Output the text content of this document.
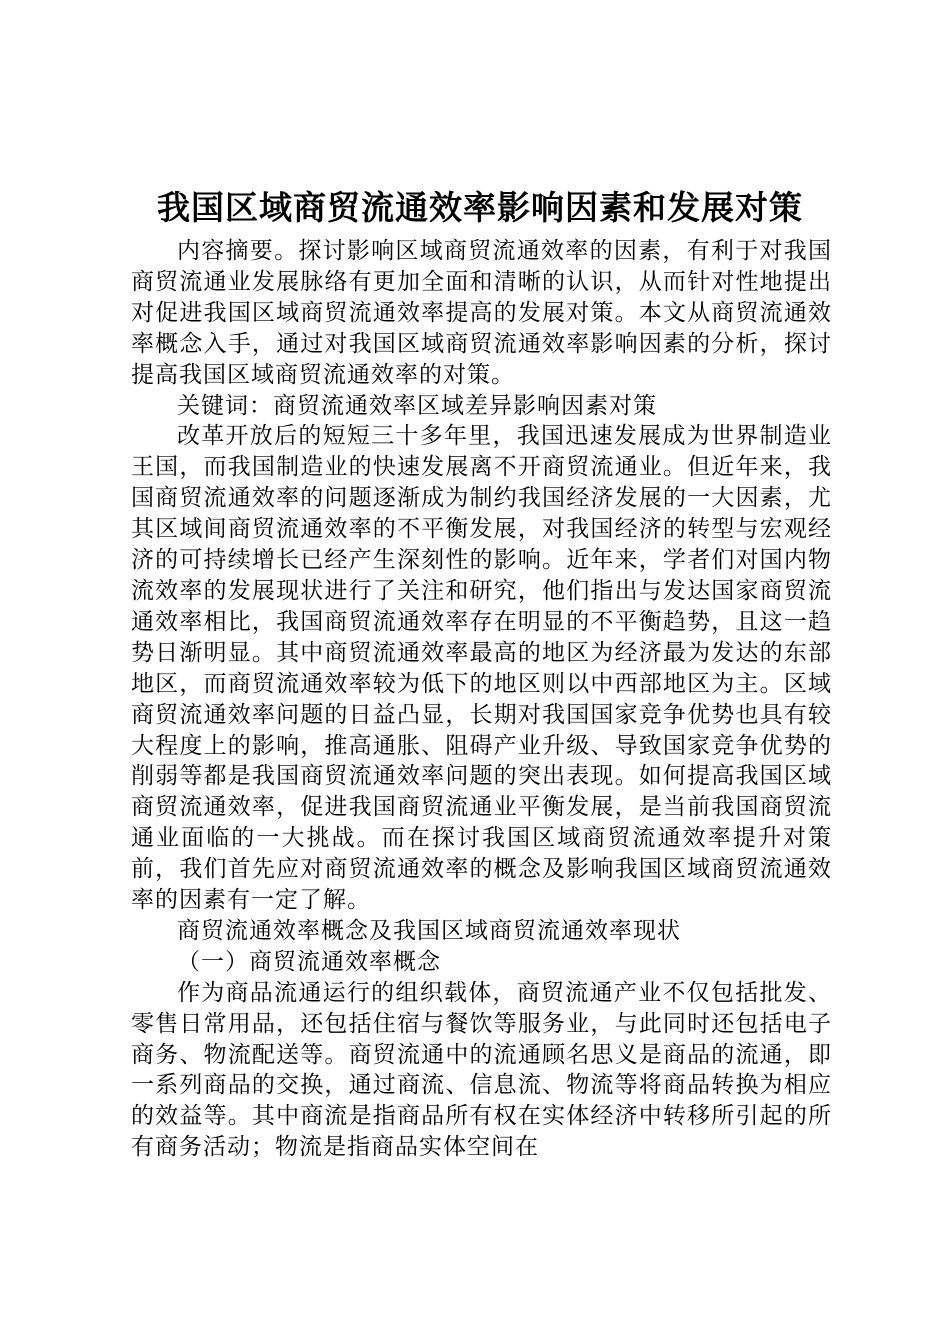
我国区域商贸流通效率影响因素和发展对策

内容摘要。探讨影响区域商贸流通效率的因素，有利于对我国商贸流通业发展脉络有更加全面和清晰的认识，从而针对性地提出对促进我国区域商贸流通效率提高的发展对策。本文从商贸流通效率概念入手，通过对我国区域商贸流通效率影响因素的分析，探讨提高我国区域商贸流通效率的对策。

关键词：商贸流通效率区域差异影响因素对策

改革开放后的短短三十多年里，我国迅速发展成为世界制造业王国，而我国制造业的快速发展离不开商贸流通业。但近年来，我国商贸流通效率的问题逐渐成为制约我国经济发展的一大因素，尤其区域间商贸流通效率的不平衡发展，对我国经济的转型与宏观经济的可持续增长已经产生深刻性的影响。近年来，学者们对国内物流效率的发展现状进行了关注和研究，他们指出与发达国家商贸流通效率相比，我国商贸流通效率存在明显的不平衡趋势，且这一趋势日渐明显。其中商贸流通效率最高的地区为经济最为发达的东部地区，而商贸流通效率较为低下的地区则以中西部地区为主。区域商贸流通效率问题的日益凸显，长期对我国国家竞争优势也具有较大程度上的影响，推高通胀、阻碍产业升级、导致国家竞争优势的削弱等都是我国商贸流通效率问题的突出表现。如何提高我国区域商贸流通效率，促进我国商贸流通业平衡发展，是当前我国商贸流通业面临的一大挑战。而在探讨我国区域商贸流通效率提升对策前，我们首先应对商贸流通效率的概念及影响我国区域商贸流通效率的因素有一定了解。

商贸流通效率概念及我国区域商贸流通效率现状

（一）商贸流通效率概念

作为商品流通运行的组织载体，商贸流通产业不仅包括批发、零售日常用品，还包括住宿与餐饮等服务业，与此同时还包括电子商务、物流配送等。商贸流通中的流通顾名思义是商品的流通，即一系列商品的交换，通过商流、信息流、物流等将商品转换为相应的效益等。其中商流是指商品所有权在实体经济中转移所引起的所有商务活动；物流是指商品实体空间在
